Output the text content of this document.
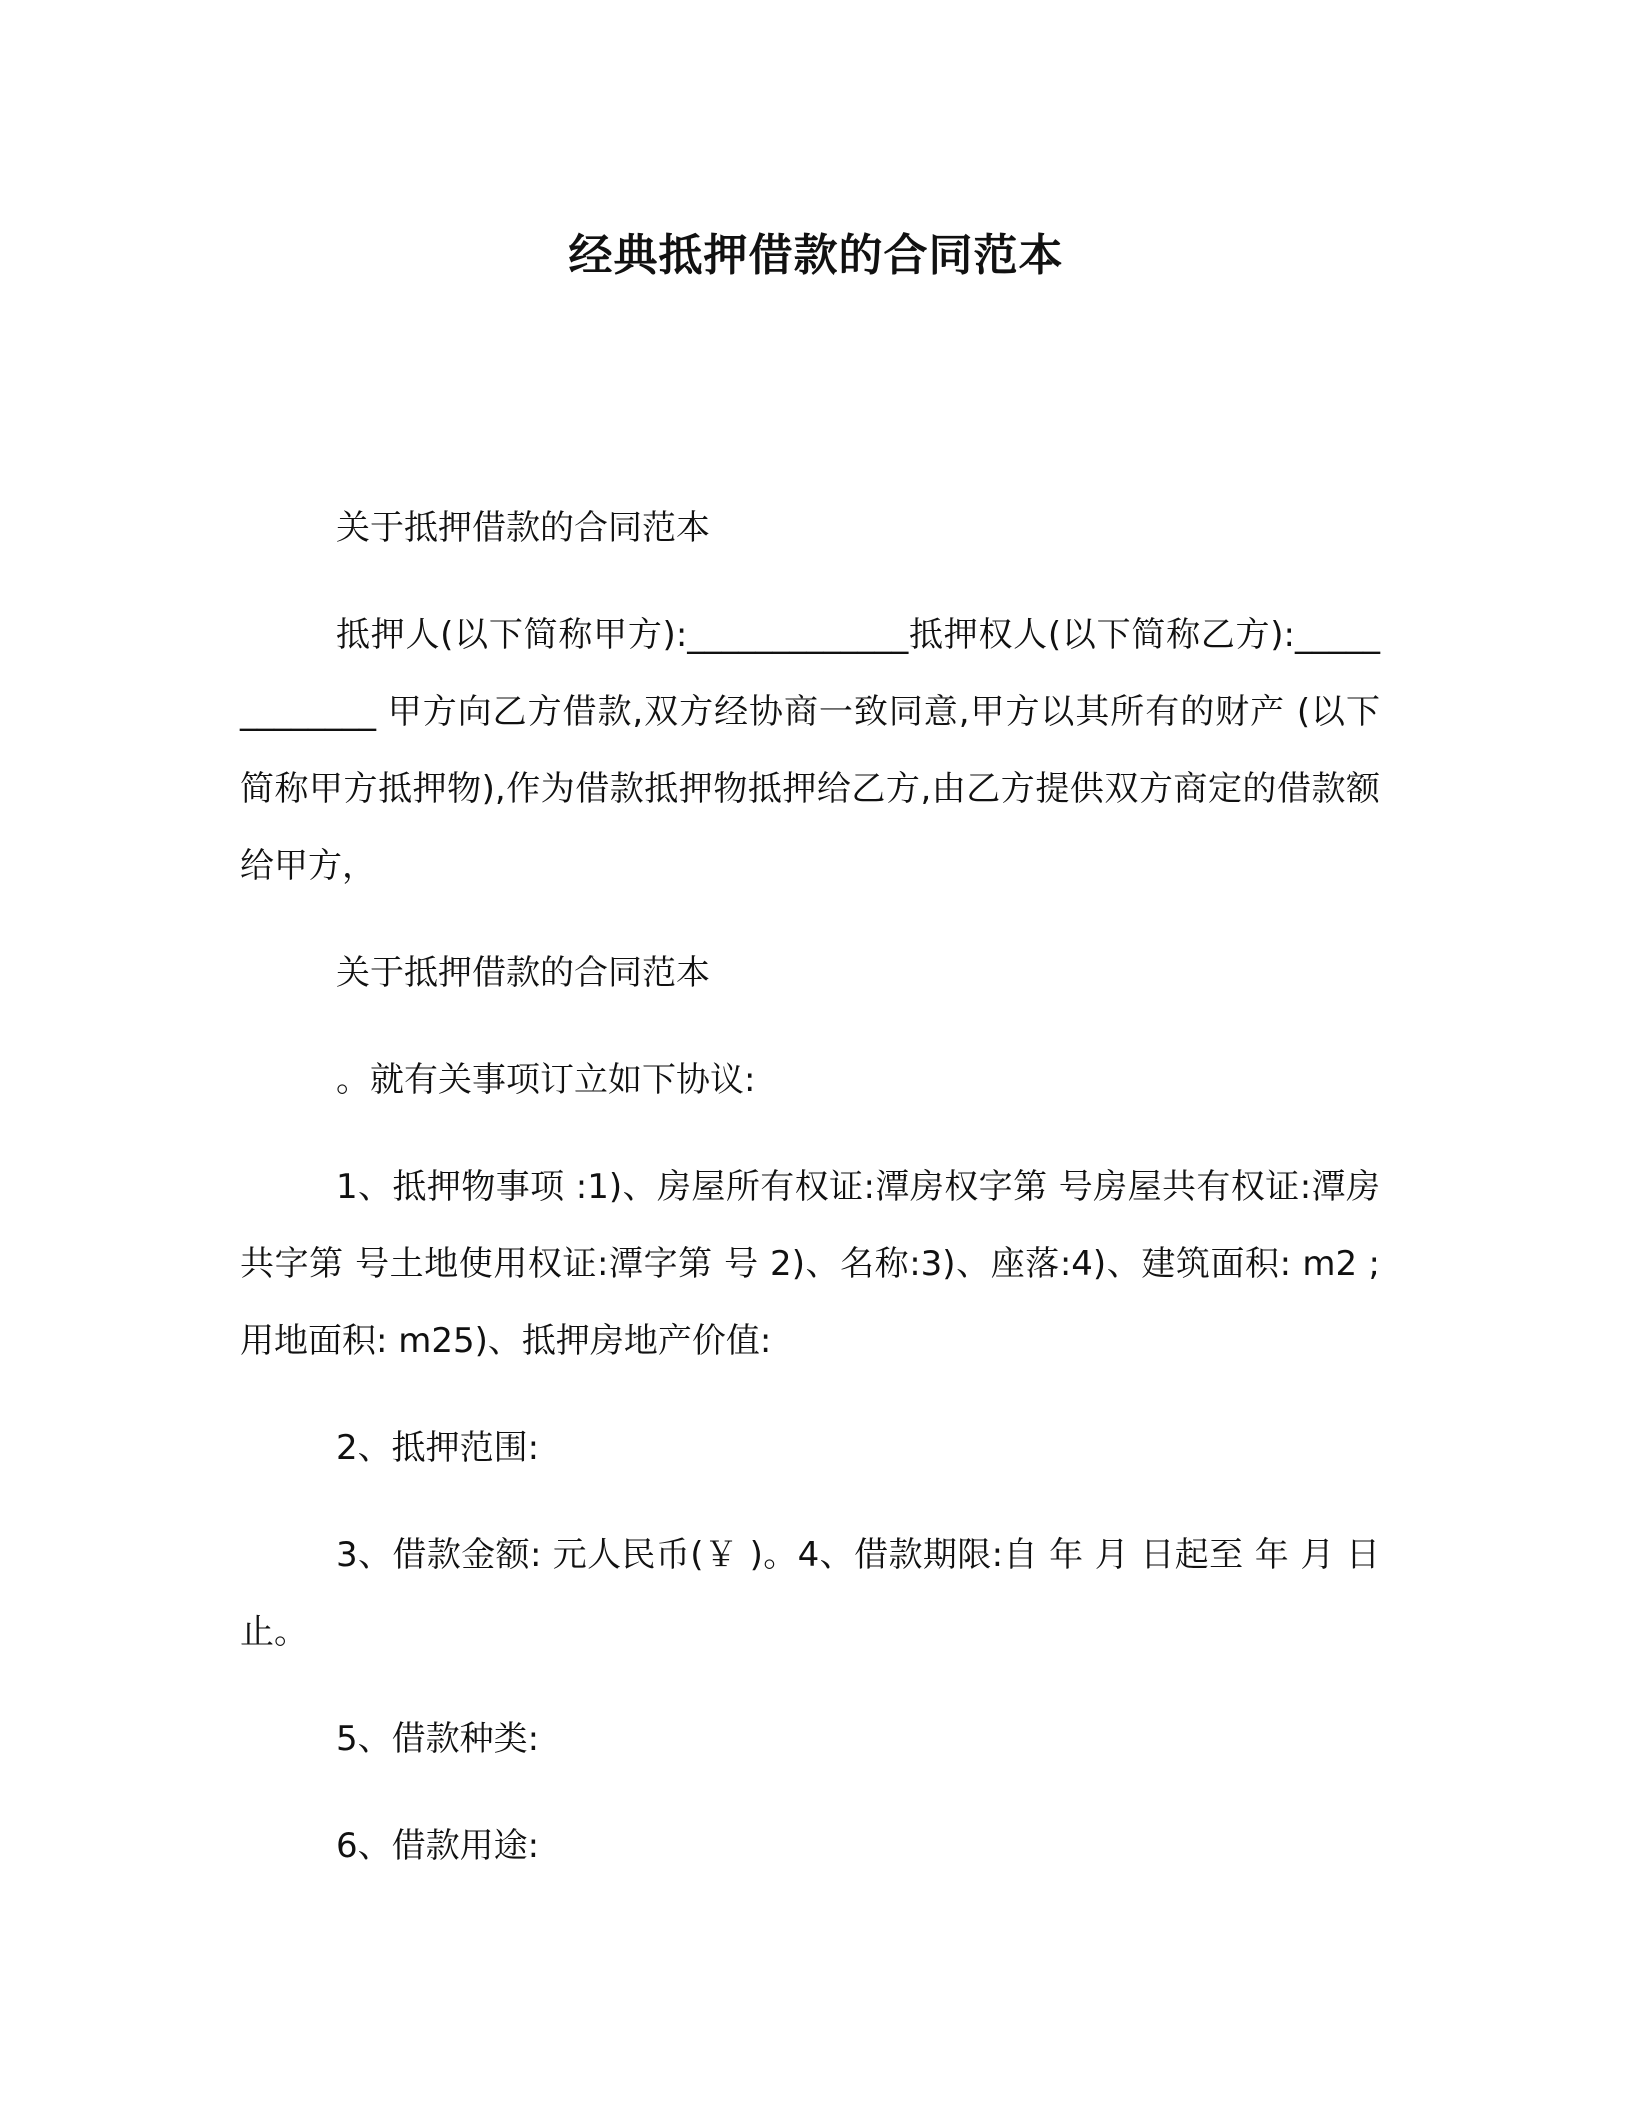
经典抵押借款的合同范本

关于抵押借款的合同范本

抵押人(以下简称甲方):_____________抵押权人(以下简称乙方):_____________ 甲方向乙方借款,双方经协商一致同意,甲方以其所有的财产 (以下简称甲方抵押物),作为借款抵押物抵押给乙方,由乙方提供双方商定的借款额给甲方，

关于抵押借款的合同范本

。就有关事项订立如下协议:

1、抵押物事项 :1)、房屋所有权证:潭房权字第 号房屋共有权证:潭房共字第 号土地使用权证:潭字第 号 2)、名称:3)、座落:4)、建筑面积: m2 ; 用地面积: m25)、抵押房地产价值:

2、抵押范围:

3、借款金额: 元人民币(￥ )。4、借款期限:自 年 月 日起至 年 月 日止。

5、借款种类:

6、借款用途:
